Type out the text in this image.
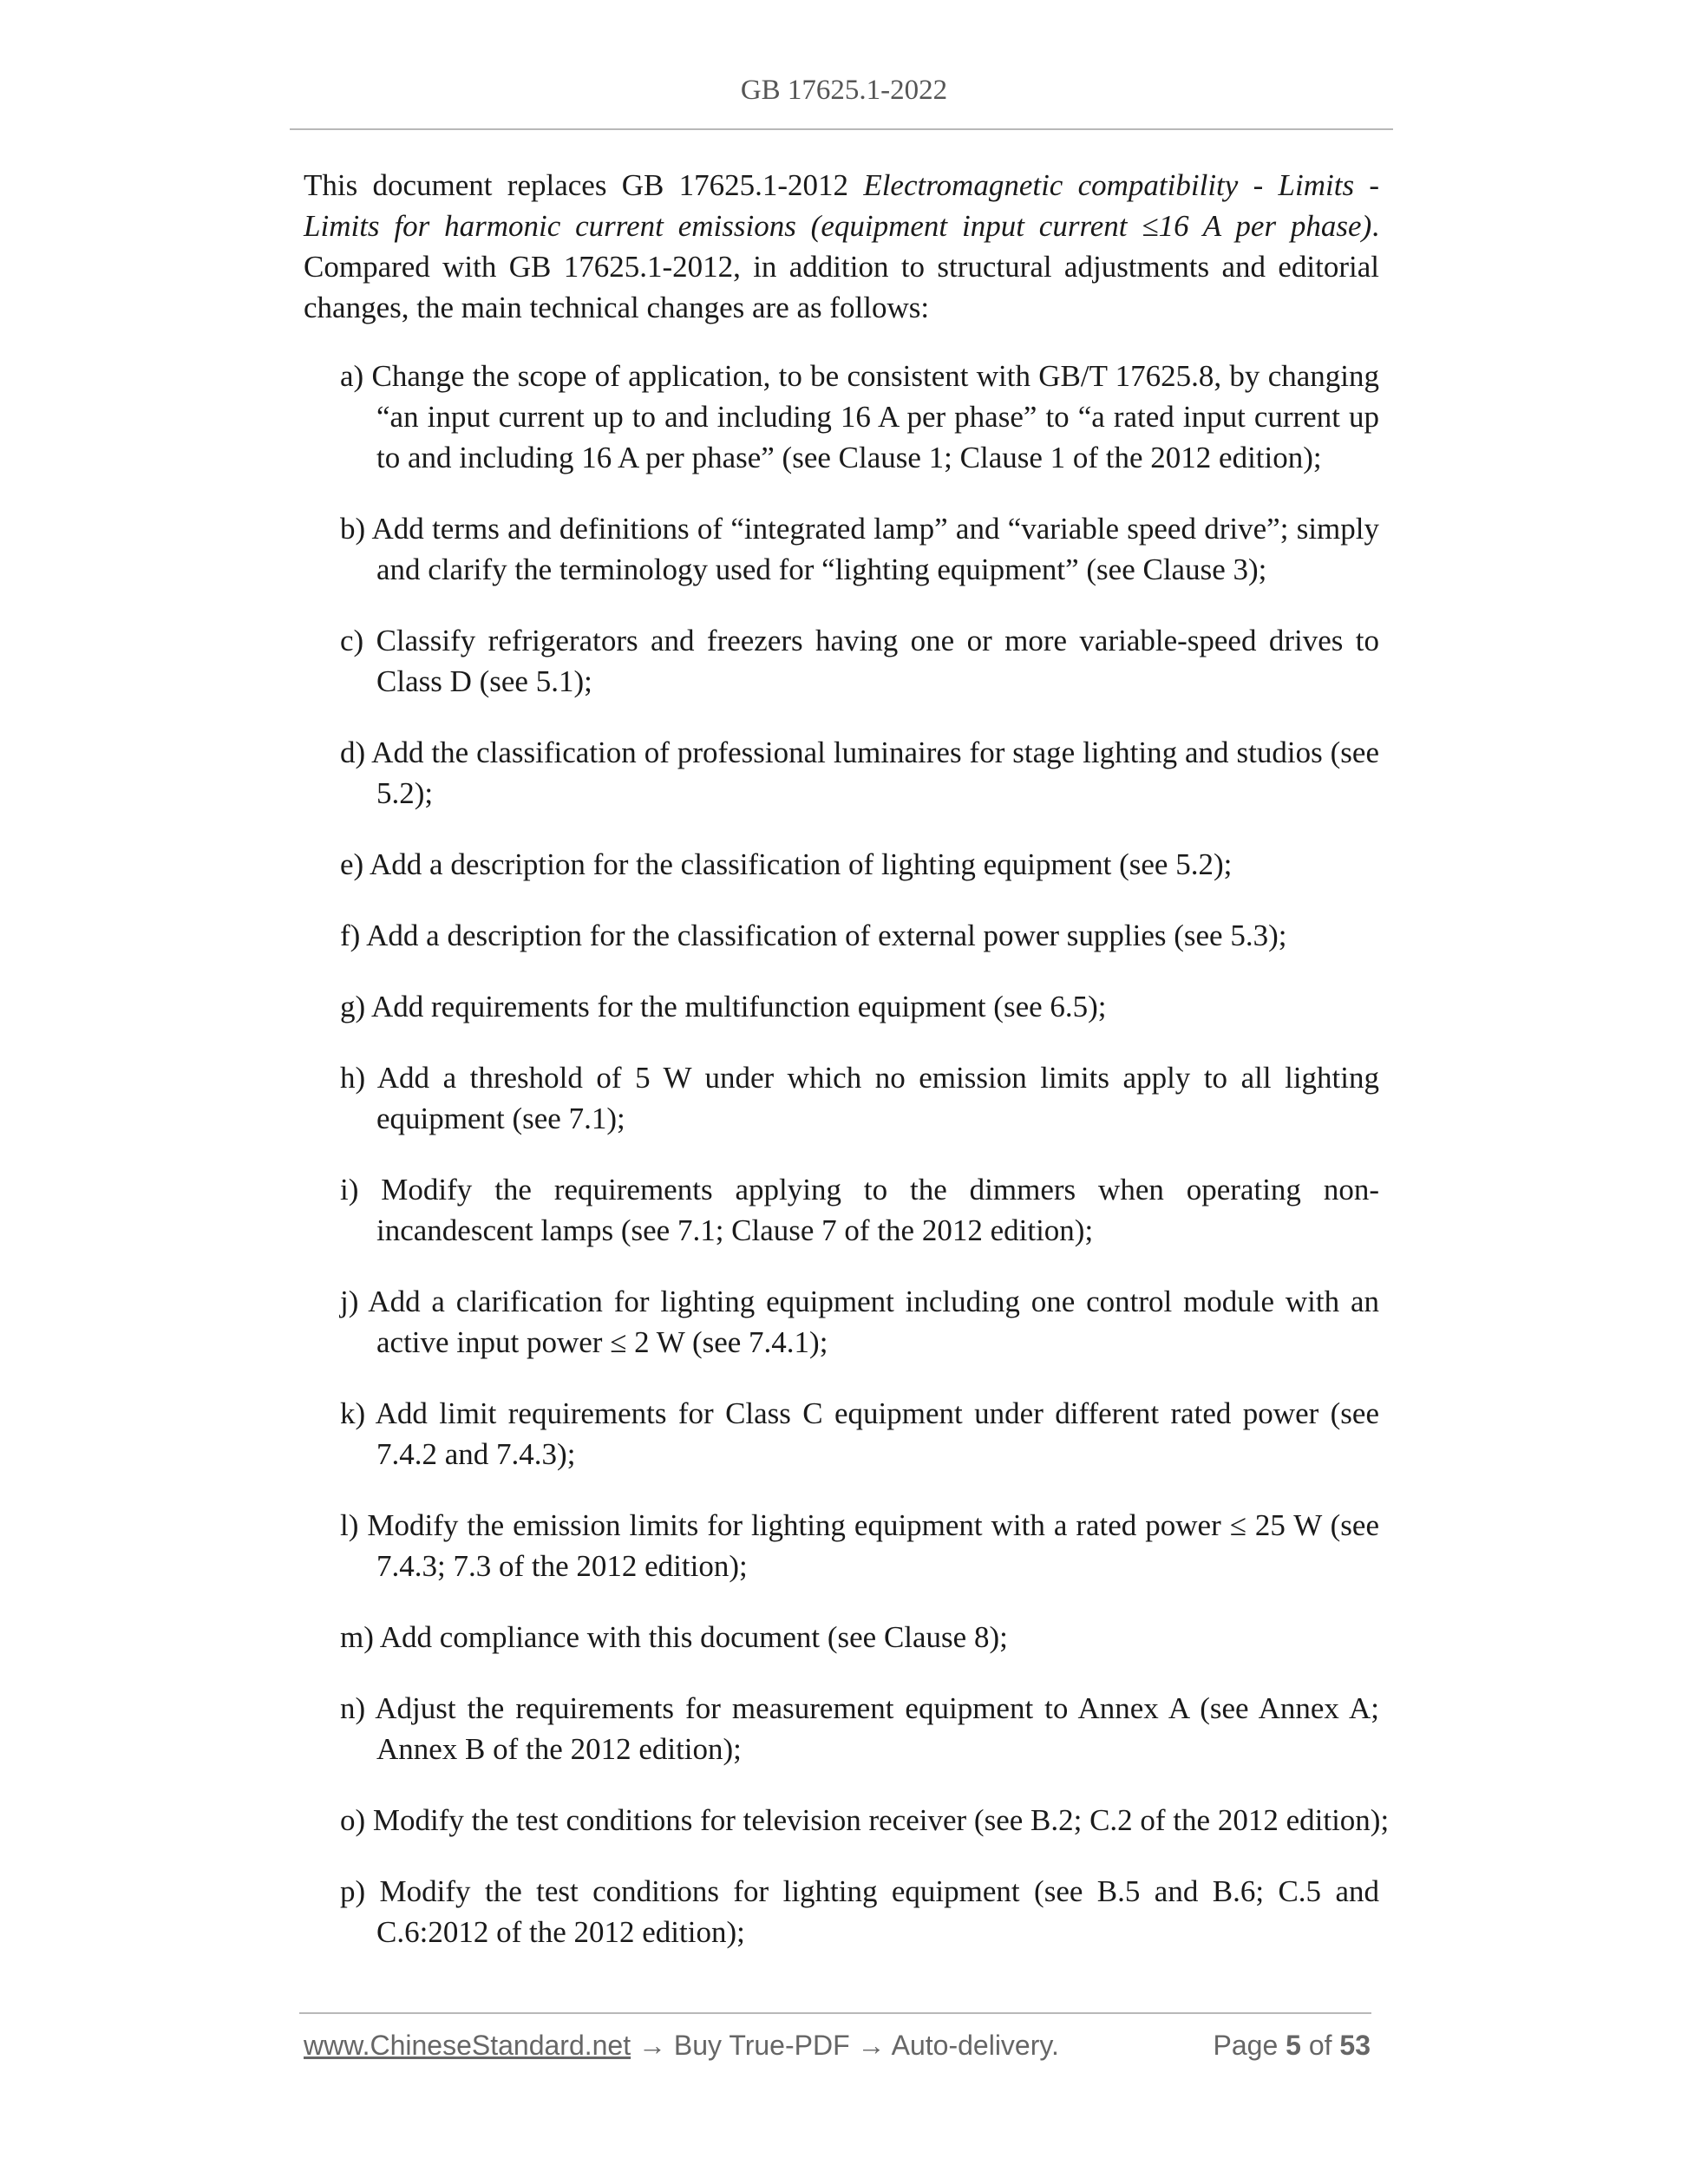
GB 17625.1-2022

This document replaces GB 17625.1-2012 Electromagnetic compatibility - Limits - Limits for harmonic current emissions (equipment input current ≤16 A per phase). Compared with GB 17625.1-2012, in addition to structural adjustments and editorial changes, the main technical changes are as follows:

a) Change the scope of application, to be consistent with GB/T 17625.8, by changing “an input current up to and including 16 A per phase” to “a rated input current up to and including 16 A per phase” (see Clause 1; Clause 1 of the 2012 edition);
b) Add terms and definitions of “integrated lamp” and “variable speed drive”; simply and clarify the terminology used for “lighting equipment” (see Clause 3);
c) Classify refrigerators and freezers having one or more variable-speed drives to Class D (see 5.1);
d) Add the classification of professional luminaires for stage lighting and studios (see 5.2);
e) Add a description for the classification of lighting equipment (see 5.2);
f) Add a description for the classification of external power supplies (see 5.3);
g) Add requirements for the multifunction equipment (see 6.5);
h) Add a threshold of 5 W under which no emission limits apply to all lighting equipment (see 7.1);
i) Modify the requirements applying to the dimmers when operating non-incandescent lamps (see 7.1; Clause 7 of the 2012 edition);
j) Add a clarification for lighting equipment including one control module with an active input power ≤ 2 W (see 7.4.1);
k) Add limit requirements for Class C equipment under different rated power (see 7.4.2 and 7.4.3);
l) Modify the emission limits for lighting equipment with a rated power ≤ 25 W (see 7.4.3; 7.3 of the 2012 edition);
m) Add compliance with this document (see Clause 8);
n) Adjust the requirements for measurement equipment to Annex A (see Annex A; Annex B of the 2012 edition);
o) Modify the test conditions for television receiver (see B.2; C.2 of the 2012 edition);
p) Modify the test conditions for lighting equipment (see B.5 and B.6; C.5 and C.6:2012 of the 2012 edition);
www.ChineseStandard.net → Buy True-PDF → Auto-delivery.	Page 5 of 53
